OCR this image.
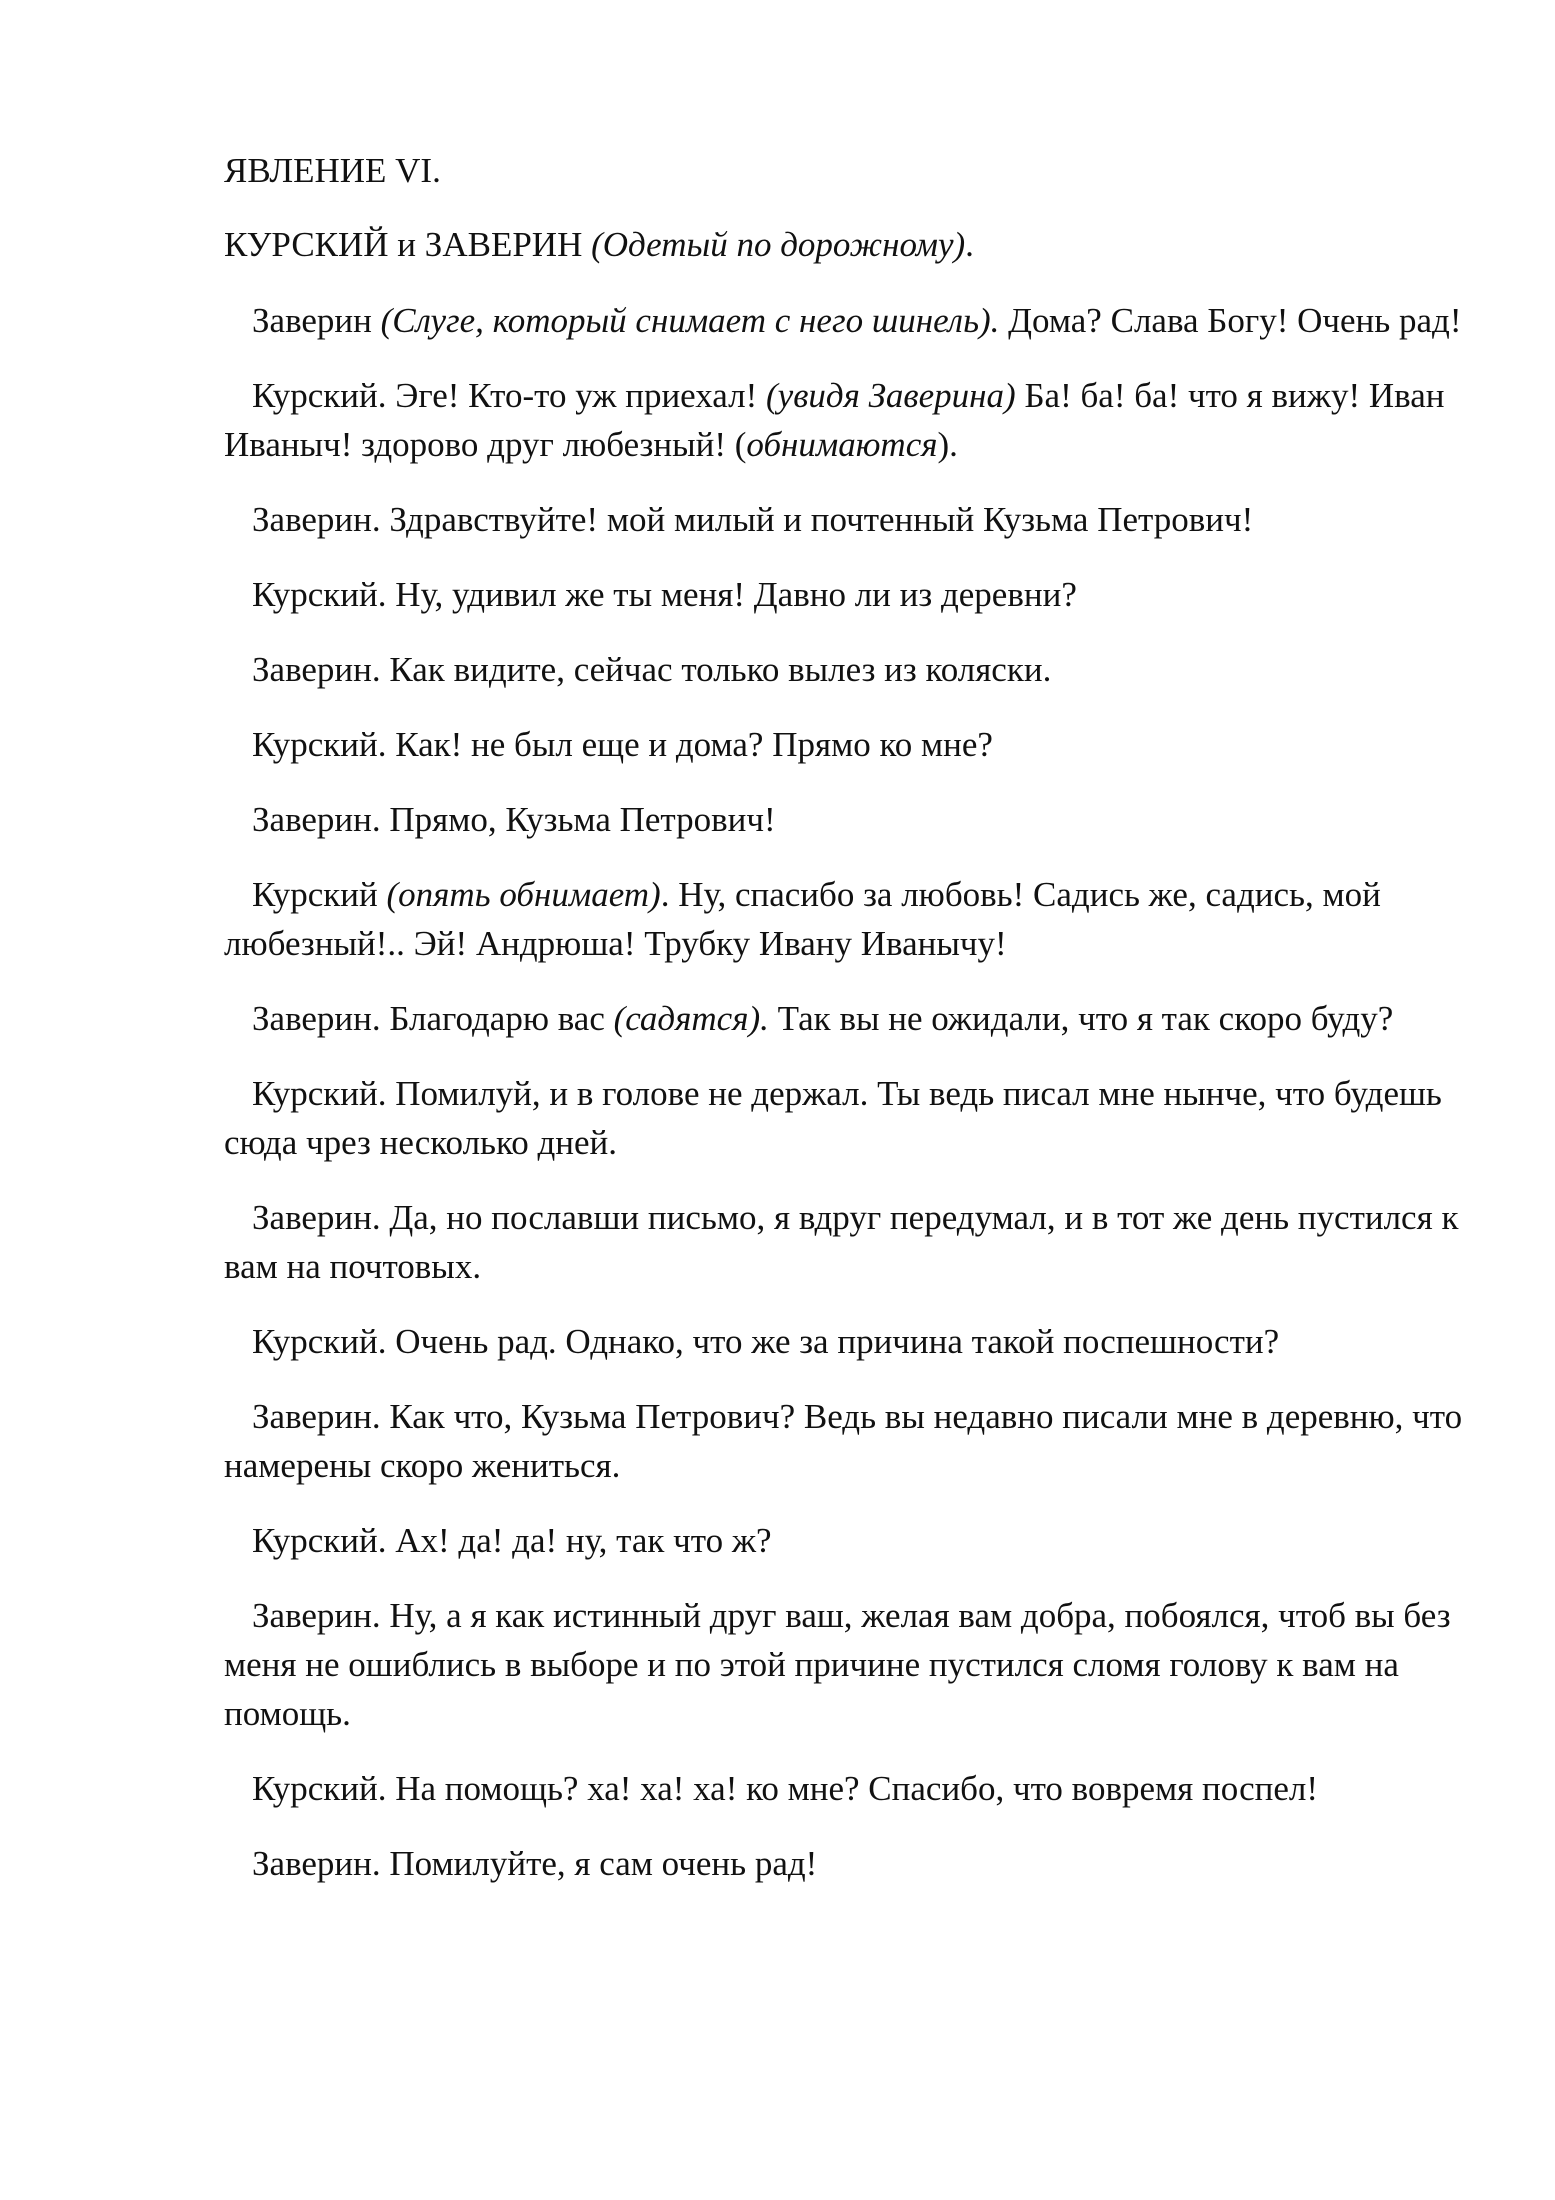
ЯВЛЕНИЕ VI.

КУРСКИЙ и ЗАВЕРИН (Одетый по дорожному).

Заверин (Слуге, который снимает с него шинель). Дома? Слава Богу! Очень рад!

Курский. Эге! Кто-то уж приехал! (увидя Заверина) Ба! ба! ба! что я вижу! Иван Иваныч! здорово друг любезный! (обнимаются).

Заверин. Здравствуйте! мой милый и почтенный Кузьма Петрович!

Курский. Ну, удивил же ты меня! Давно ли из деревни?

Заверин. Как видите, сейчас только вылез из коляски.

Курский. Как! не был еще и дома? Прямо ко мне?

Заверин. Прямо, Кузьма Петрович!

Курский (опять обнимает). Ну, спасибо за любовь! Садись же, садись, мой любезный!.. Эй! Андрюша! Трубку Ивану Иванычу!

Заверин. Благодарю вас (садятся). Так вы не ожидали, что я так скоро буду?

Курский. Помилуй, и в голове не держал. Ты ведь писал мне нынче, что будешь сюда чрез несколько дней.

Заверин. Да, но пославши письмо, я вдруг передумал, и в тот же день пустился к вам на почтовых.

Курский. Очень рад. Однако, что же за причина такой поспешности?

Заверин. Как что, Кузьма Петрович? Ведь вы недавно писали мне в деревню, что намерены скоро жениться.

Курский. Ах! да! да! ну, так что ж?

Заверин. Ну, а я как истинный друг ваш, желая вам добра, побоялся, чтоб вы без меня не ошиблись в выборе и по этой причине пустился сломя голову к вам на помощь.

Курский. На помощь? ха! ха! ха! ко мне? Спасибо, что вовремя поспел!

Заверин. Помилуйте, я сам очень рад!
